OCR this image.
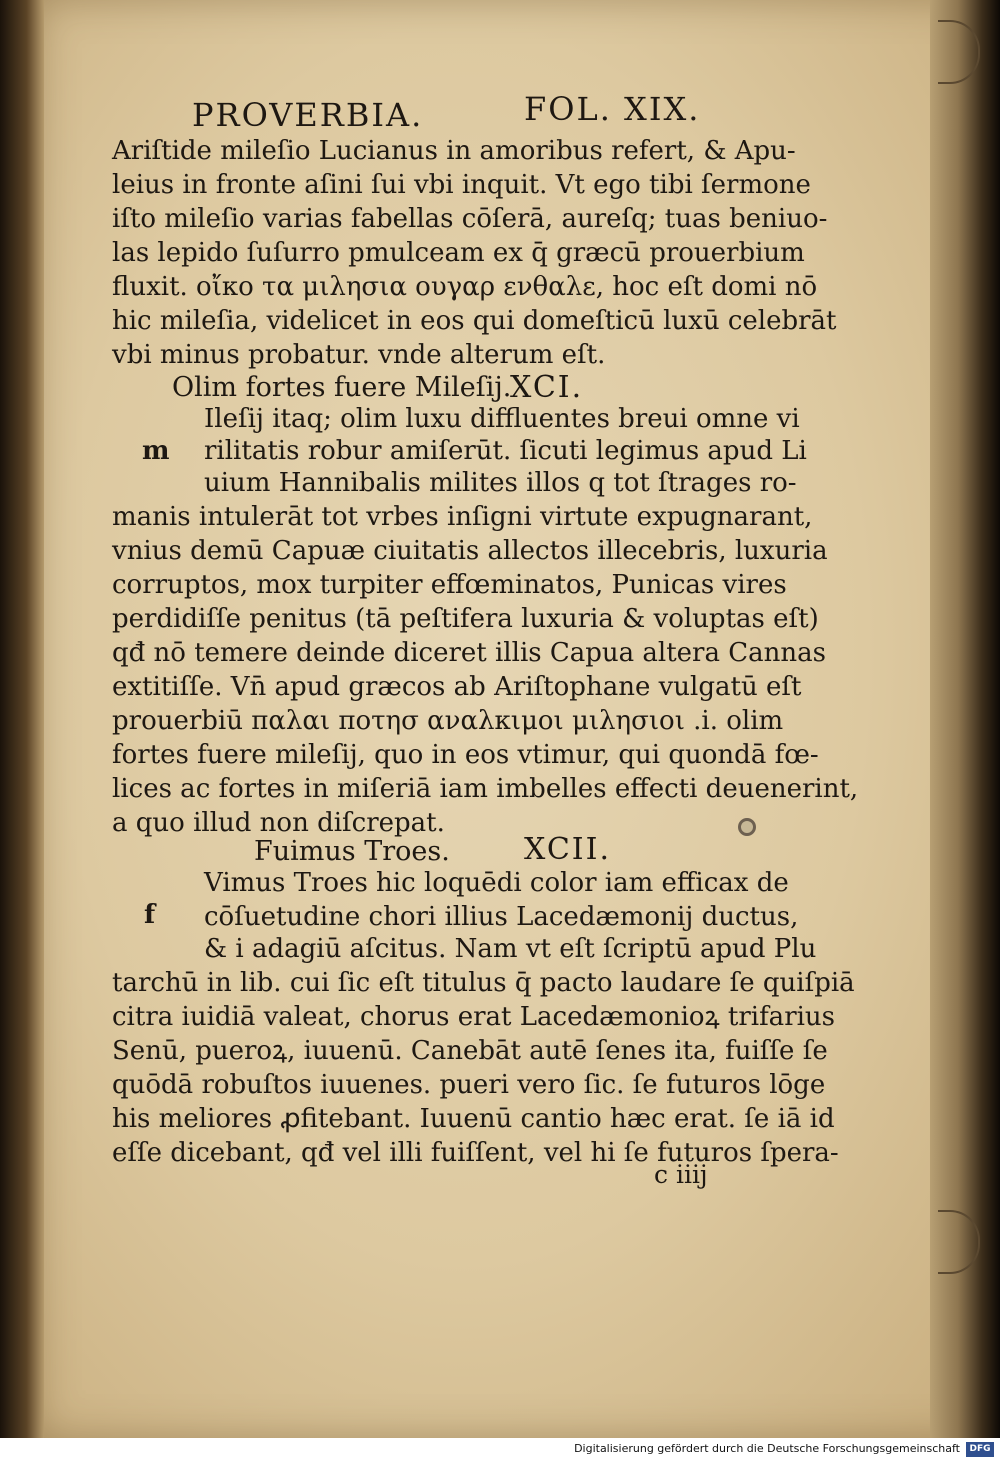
PROVERBIA.	FOL. XIX.
Ariſtide mileſio Lucianus in amoribus refert, & Apu-
leius in fronte aſini ſui vbi inquit. Vt ego tibi ſermone
iſto mileſio varias fabellas cōſerā, aureſq; tuas beniuo-
las lepido ſuſurro pmulceam ex q̄ græcū prouerbium
fluxit. οἴκο τα μιλησια ουγαρ ενθαλε, hoc eſt domi nō
hic mileſia, videlicet in eos qui domeſticū luxū celebrāt
vbi minus probatur. vnde alterum eſt.
Olim fortes fuere Mileſij.
XCI.
m
Ileſij itaq; olim luxu diffluentes breui omne vi
rilitatis robur amiſerūt. ſicuti legimus apud Li
uium Hannibalis milites illos q tot ſtrages ro-
manis intulerāt tot vrbes inſigni virtute expugnarant,
vnius demū Capuæ ciuitatis allectos illecebris, luxuria
corruptos, mox turpiter effœminatos, Punicas vires
perdidiſſe penitus (tā peſtifera luxuria & voluptas eſt)
qđ nō temere deinde diceret illis Capua altera Cannas
extitiſſe. Vn̄ apud græcos ab Ariſtophane vulgatū eſt
prouerbiū παλαι ποτησ αναλκιμοι μιλησιοι .i. olim
fortes fuere mileſij, quo in eos vtimur, qui quondā fœ-
lices ac fortes in miſeriā iam imbelles effecti deuenerint,
a quo illud non diſcrepat.
Fuimus Troes. XCII.
f
Vimus Troes hic loquēdi color iam efficax de
cōſuetudine chori illius Lacedæmonij ductus,
& i adagiū aſcitus. Nam vt eſt ſcriptū apud Plu
tarchū in lib. cui ſic eſt titulus q̄ pacto laudare ſe quiſpiā
citra iuidiā valeat, chorus erat Lacedæmonioꝝ trifarius
Senū, pueroꝝ, iuuenū. Canebāt autē ſenes ita, fuiſſe ſe
quōdā robuſtos iuuenes. pueri vero ſic. ſe futuros lōge
his meliores ꝓfitebant. Iuuenū cantio hæc erat. ſe iā id
eſſe dicebant, qđ vel illi fuiſſent, vel hi ſe futuros ſpera-
c iiij
Digitalisierung gefördert durch die Deutsche Forschungsgemeinschaft	DFG
